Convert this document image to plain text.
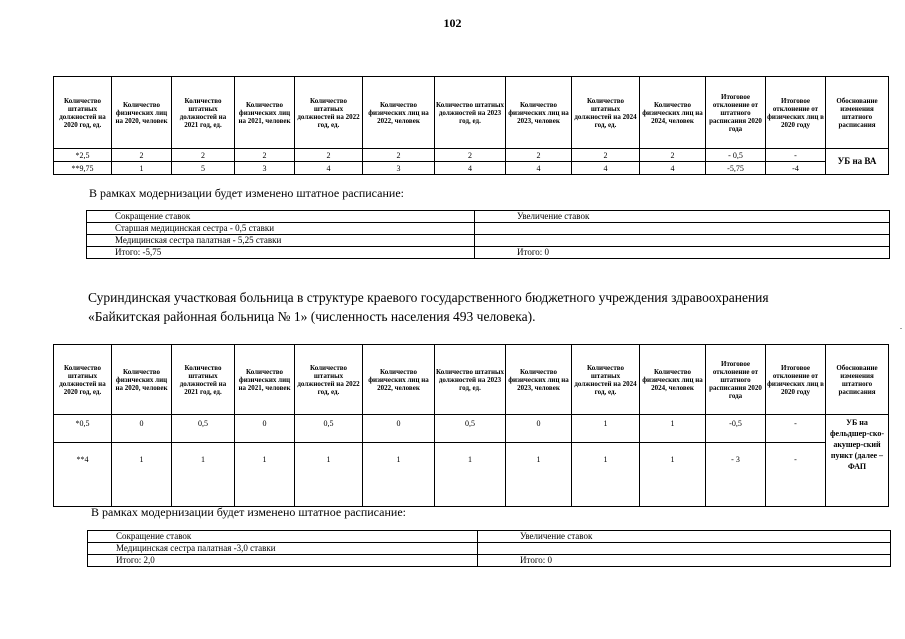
102
Количество штатных должностей на 2020 год, ед.	Количество физических лиц на 2020, человек	Количество штатных должностей на 2021 год, ед.	Количество физических лиц на 2021, человек	Количество штатных должностей на 2022 год, ед.	Количество физических лиц на 2022, человек	Количество штатных должностей на 2023 год, ед.	Количество физических лиц на 2023, человек	Количество штатных должностей на 2024 год, ед.	Количество физических лиц на 2024, человек	Итоговое отклонение от штатного расписания 2020 года	Итоговое отклонение от физических лиц в 2020 году	Обоснование изменения штатного расписания
*2,5	2	2	2	2	2	2	2	2	2	- 0,5	-	УБ на ВА
**9,75	1	5	3	4	3	4	4	4	4	-5,75	-4	
В рамках модернизации будет изменено штатное расписание:
Сокращение ставок	Увеличение ставок
Старшая медицинская сестра - 0,5 ставки	
Медицинская сестра палатная - 5,25 ставки	
Итого: -5,75	Итого: 0

Суриндинская участковая больница в структуре краевого государственного бюджетного учреждения здравоохранения

«Байкитская районная больница № 1» (численность населения 493 человека).

.
Количество штатных должностей на 2020 год, ед.	Количество физических лиц на 2020, человек	Количество штатных должностей на 2021 год, ед.	Количество физических лиц на 2021, человек	Количество штатных должностей на 2022 год, ед.	Количество физических лиц на 2022, человек	Количество штатных должностей на 2023 год, ед.	Количество физических лиц на 2023, человек	Количество штатных должностей на 2024 год, ед.	Количество физических лиц на 2024, человек	Итоговое отклонение от штатного расписания 2020 года	Итоговое отклонение от физических лиц в 2020 году	Обоснование изменения штатного расписания
*0,5	0	0,5	0	0,5	0	0,5	0	1	1	-0,5	-	УБ на фельдшер-ско-акушер-ский пункт (далее – ФАП
**4	1	1	1	1	1	1	1	1	1	- 3	-	
В рамках модернизации будет изменено штатное расписание:
Сокращение ставок	Увеличение ставок
Медицинская сестра палатная -3,0 ставки	
Итого: 2,0	Итого: 0
